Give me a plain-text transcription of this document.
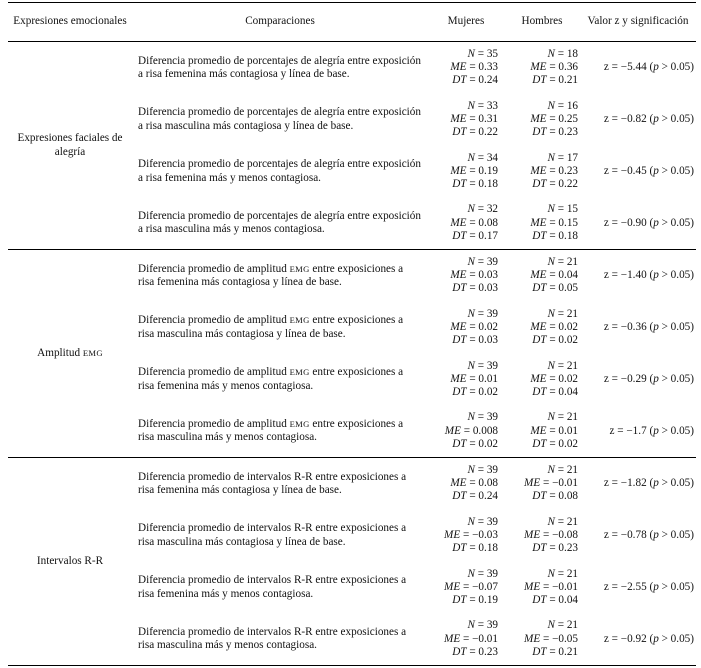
Expresiones emocionales	Comparaciones	Mujeres	Hombres	Valor z y significación
Expresiones faciales de alegría	Diferencia promedio de porcentajes de alegría entre exposición a risa femenina más contagiosa y línea de base.	N = 35
ME = 0.33
DT = 0.24	N = 18
ME = 0.36
DT = 0.21	z = −5.44 (p > 0.05)
	Diferencia promedio de porcentajes de alegría entre exposición a risa masculina más contagiosa y línea de base.	N = 33
ME = 0.31
DT = 0.22	N = 16
ME = 0.25
DT = 0.23	z = −0.82 (p > 0.05)
	Diferencia promedio de porcentajes de alegría entre exposición a risa femenina más y menos contagiosa.	N = 34
ME = 0.19
DT = 0.18	N = 17
ME = 0.23
DT = 0.22	z = −0.45 (p > 0.05)
	Diferencia promedio de porcentajes de alegría entre exposición a risa masculina más y menos contagiosa.	N = 32
ME = 0.08
DT = 0.17	N = 15
ME = 0.15
DT = 0.18	z = −0.90 (p > 0.05)
Amplitud EMG	Diferencia promedio de amplitud EMG entre exposiciones a risa femenina más contagiosa y línea de base.	N = 39
ME = 0.03
DT = 0.03	N = 21
ME = 0.04
DT = 0.05	z = −1.40 (p > 0.05)
	Diferencia promedio de amplitud EMG entre exposiciones a risa masculina más contagiosa y línea de base.	N = 39
ME = 0.02
DT = 0.03	N = 21
ME = 0.02
DT = 0.02	z = −0.36 (p > 0.05)
	Diferencia promedio de amplitud EMG entre exposiciones a risa femenina más y menos contagiosa.	N = 39
ME = 0.01
DT = 0.02	N = 21
ME = 0.02
DT = 0.04	z = −0.29 (p > 0.05)
	Diferencia promedio de amplitud EMG entre exposiciones a risa masculina más y menos contagiosa.	N = 39
ME = 0.008
DT = 0.02	N = 21
ME = 0.01
DT = 0.02	z = −1.7 (p > 0.05)
Intervalos R-R	Diferencia promedio de intervalos R-R entre exposiciones a risa femenina más contagiosa y línea de base.	N = 39
ME = 0.08
DT = 0.24	N = 21
ME = −0.01
DT = 0.08	z = −1.82 (p > 0.05)
	Diferencia promedio de intervalos R-R entre exposiciones a risa masculina más contagiosa y línea de base.	N = 39
ME = −0.03
DT = 0.18	N = 21
ME = −0.08
DT = 0.23	z = −0.78 (p > 0.05)
	Diferencia promedio de intervalos R-R entre exposiciones a risa femenina más y menos contagiosa.	N = 39
ME = −0.07
DT = 0.19	N = 21
ME = −0.01
DT = 0.04	z = −2.55 (p > 0.05)
	Diferencia promedio de intervalos R-R entre exposiciones a risa masculina más y menos contagiosa.	N = 39
ME = −0.01
DT = 0.23	N = 21
ME = −0.05
DT = 0.21	z = −0.92 (p > 0.05)
